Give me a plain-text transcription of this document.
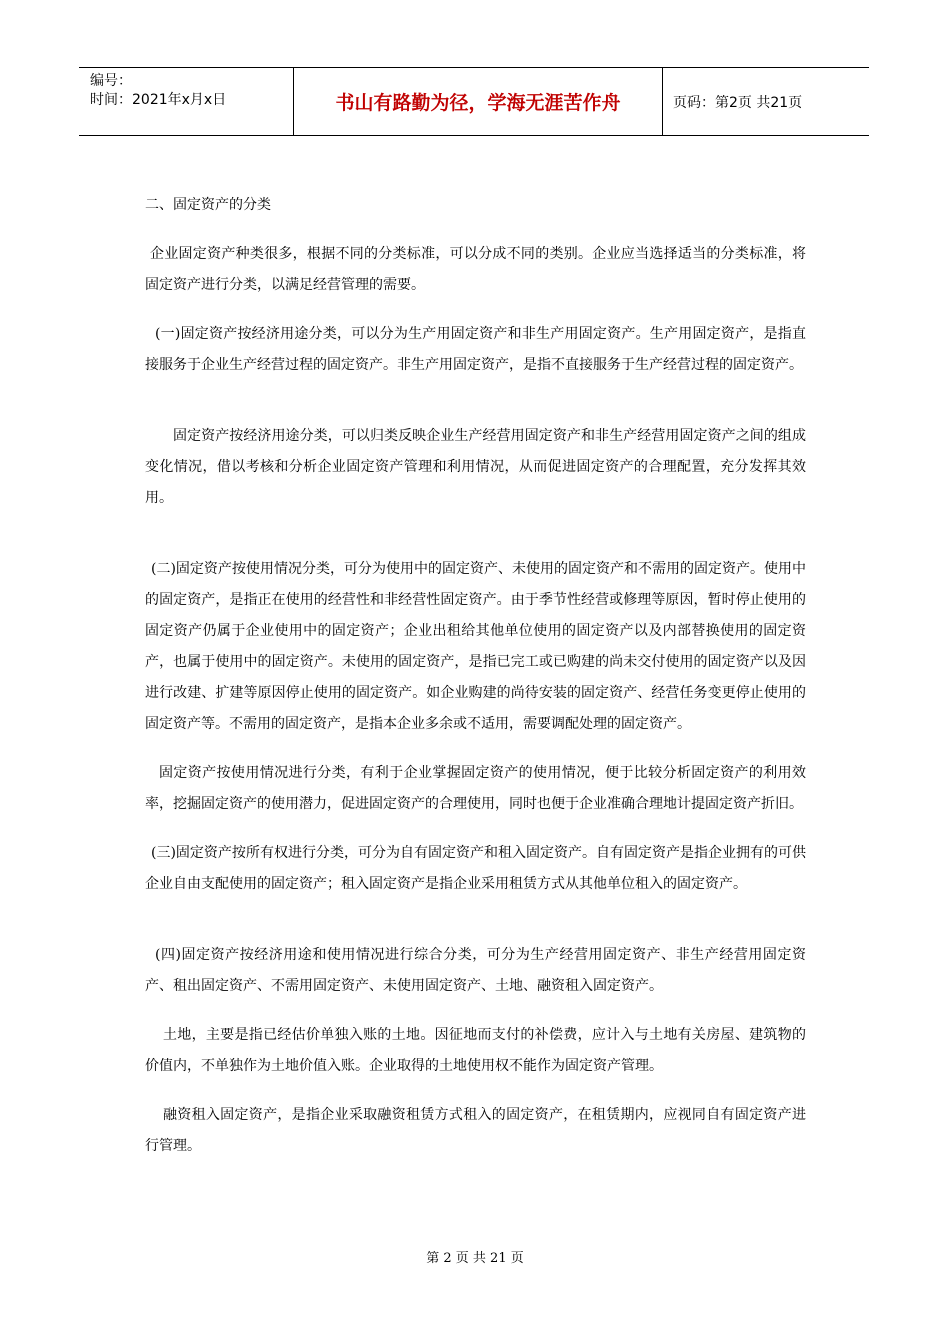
编号：
时间：2021年x月x日	书山有路勤为径，学海无涯苦作舟	页码：第2页 共21页

二、固定资产的分类

企业固定资产种类很多，根据不同的分类标准，可以分成不同的类别。企业应当选择适当的分类标准，将固定资产进行分类，以满足经营管理的需要。

(一)固定资产按经济用途分类，可以分为生产用固定资产和非生产用固定资产。生产用固定资产，是指直接服务于企业生产经营过程的固定资产。非生产用固定资产，是指不直接服务于生产经营过程的固定资产。

固定资产按经济用途分类，可以归类反映企业生产经营用固定资产和非生产经营用固定资产之间的组成变化情况，借以考核和分析企业固定资产管理和利用情况，从而促进固定资产的合理配置，充分发挥其效用。

(二)固定资产按使用情况分类，可分为使用中的固定资产、未使用的固定资产和不需用的固定资产。使用中的固定资产，是指正在使用的经营性和非经营性固定资产。由于季节性经营或修理等原因，暂时停止使用的固定资产仍属于企业使用中的固定资产；企业出租给其他单位使用的固定资产以及内部替换使用的固定资产，也属于使用中的固定资产。未使用的固定资产，是指已完工或已购建的尚未交付使用的固定资产以及因进行改建、扩建等原因停止使用的固定资产。如企业购建的尚待安装的固定资产、经营任务变更停止使用的固定资产等。不需用的固定资产，是指本企业多余或不适用，需要调配处理的固定资产。

固定资产按使用情况进行分类，有利于企业掌握固定资产的使用情况，便于比较分析固定资产的利用效率，挖掘固定资产的使用潜力，促进固定资产的合理使用，同时也便于企业准确合理地计提固定资产折旧。

(三)固定资产按所有权进行分类，可分为自有固定资产和租入固定资产。自有固定资产是指企业拥有的可供企业自由支配使用的固定资产；租入固定资产是指企业采用租赁方式从其他单位租入的固定资产。

(四)固定资产按经济用途和使用情况进行综合分类，可分为生产经营用固定资产、非生产经营用固定资产、租出固定资产、不需用固定资产、未使用固定资产、土地、融资租入固定资产。

土地，主要是指已经估价单独入账的土地。因征地而支付的补偿费，应计入与土地有关房屋、建筑物的价值内，不单独作为土地价值入账。企业取得的土地使用权不能作为固定资产管理。

融资租入固定资产，是指企业采取融资租赁方式租入的固定资产，在租赁期内，应视同自有固定资产进行管理。

第 2 页 共 21 页
